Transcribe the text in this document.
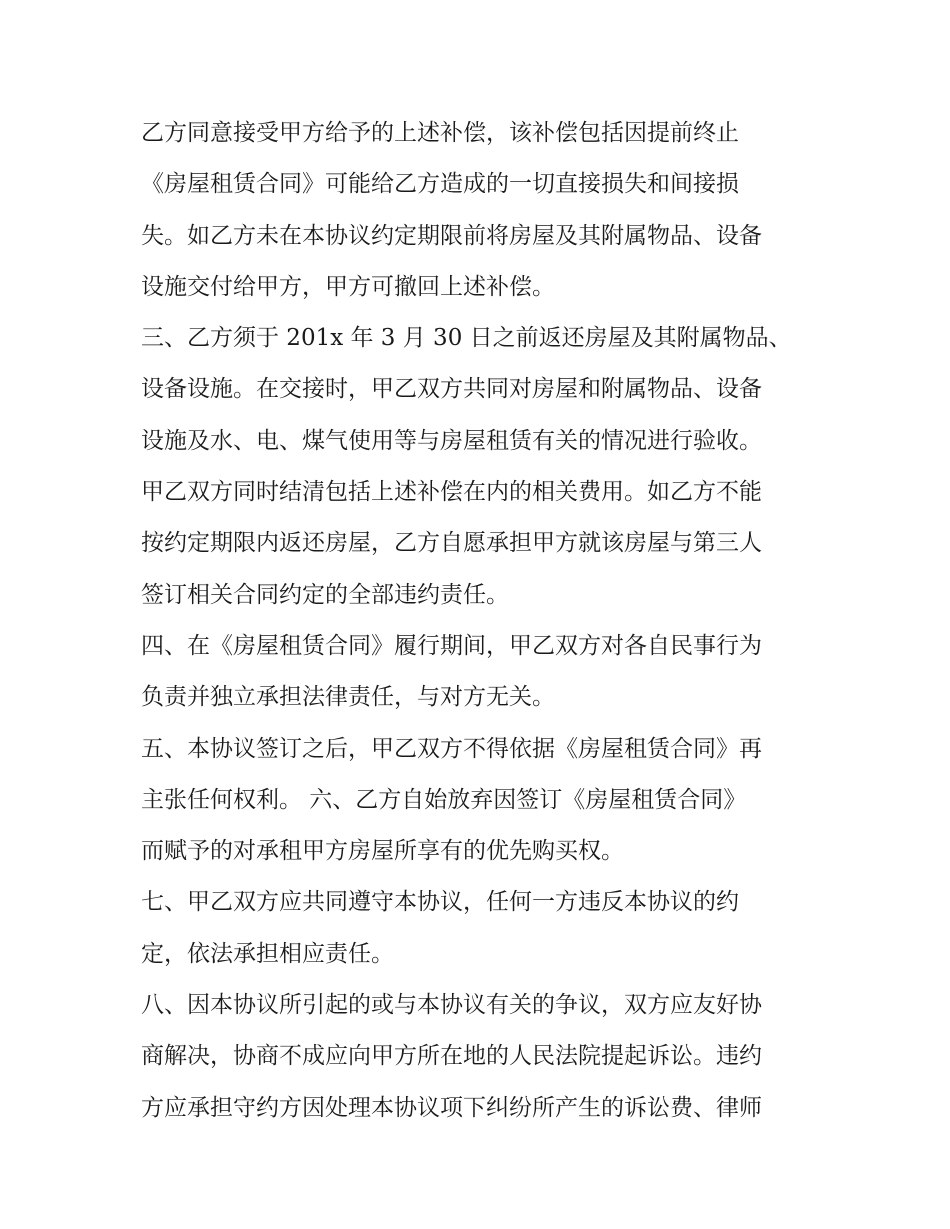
乙方同意接受甲方给予的上述补偿，该补偿包括因提前终止
《房屋租赁合同》可能给乙方造成的一切直接损失和间接损
失。如乙方未在本协议约定期限前将房屋及其附属物品、设备
设施交付给甲方，甲方可撤回上述补偿。
三、乙方须于 201x 年 3 月 30 日之前返还房屋及其附属物品、
设备设施。在交接时，甲乙双方共同对房屋和附属物品、设备
设施及水、电、煤气使用等与房屋租赁有关的情况进行验收。
甲乙双方同时结清包括上述补偿在内的相关费用。如乙方不能
按约定期限内返还房屋，乙方自愿承担甲方就该房屋与第三人
签订相关合同约定的全部违约责任。
四、在《房屋租赁合同》履行期间，甲乙双方对各自民事行为
负责并独立承担法律责任，与对方无关。
五、本协议签订之后，甲乙双方不得依据《房屋租赁合同》再
主张任何权利。 六、乙方自始放弃因签订《房屋租赁合同》
而赋予的对承租甲方房屋所享有的优先购买权。
七、甲乙双方应共同遵守本协议，任何一方违反本协议的约
定，依法承担相应责任。
八、因本协议所引起的或与本协议有关的争议，双方应友好协
商解决，协商不成应向甲方所在地的人民法院提起诉讼。违约
方应承担守约方因处理本协议项下纠纷所产生的诉讼费、律师
